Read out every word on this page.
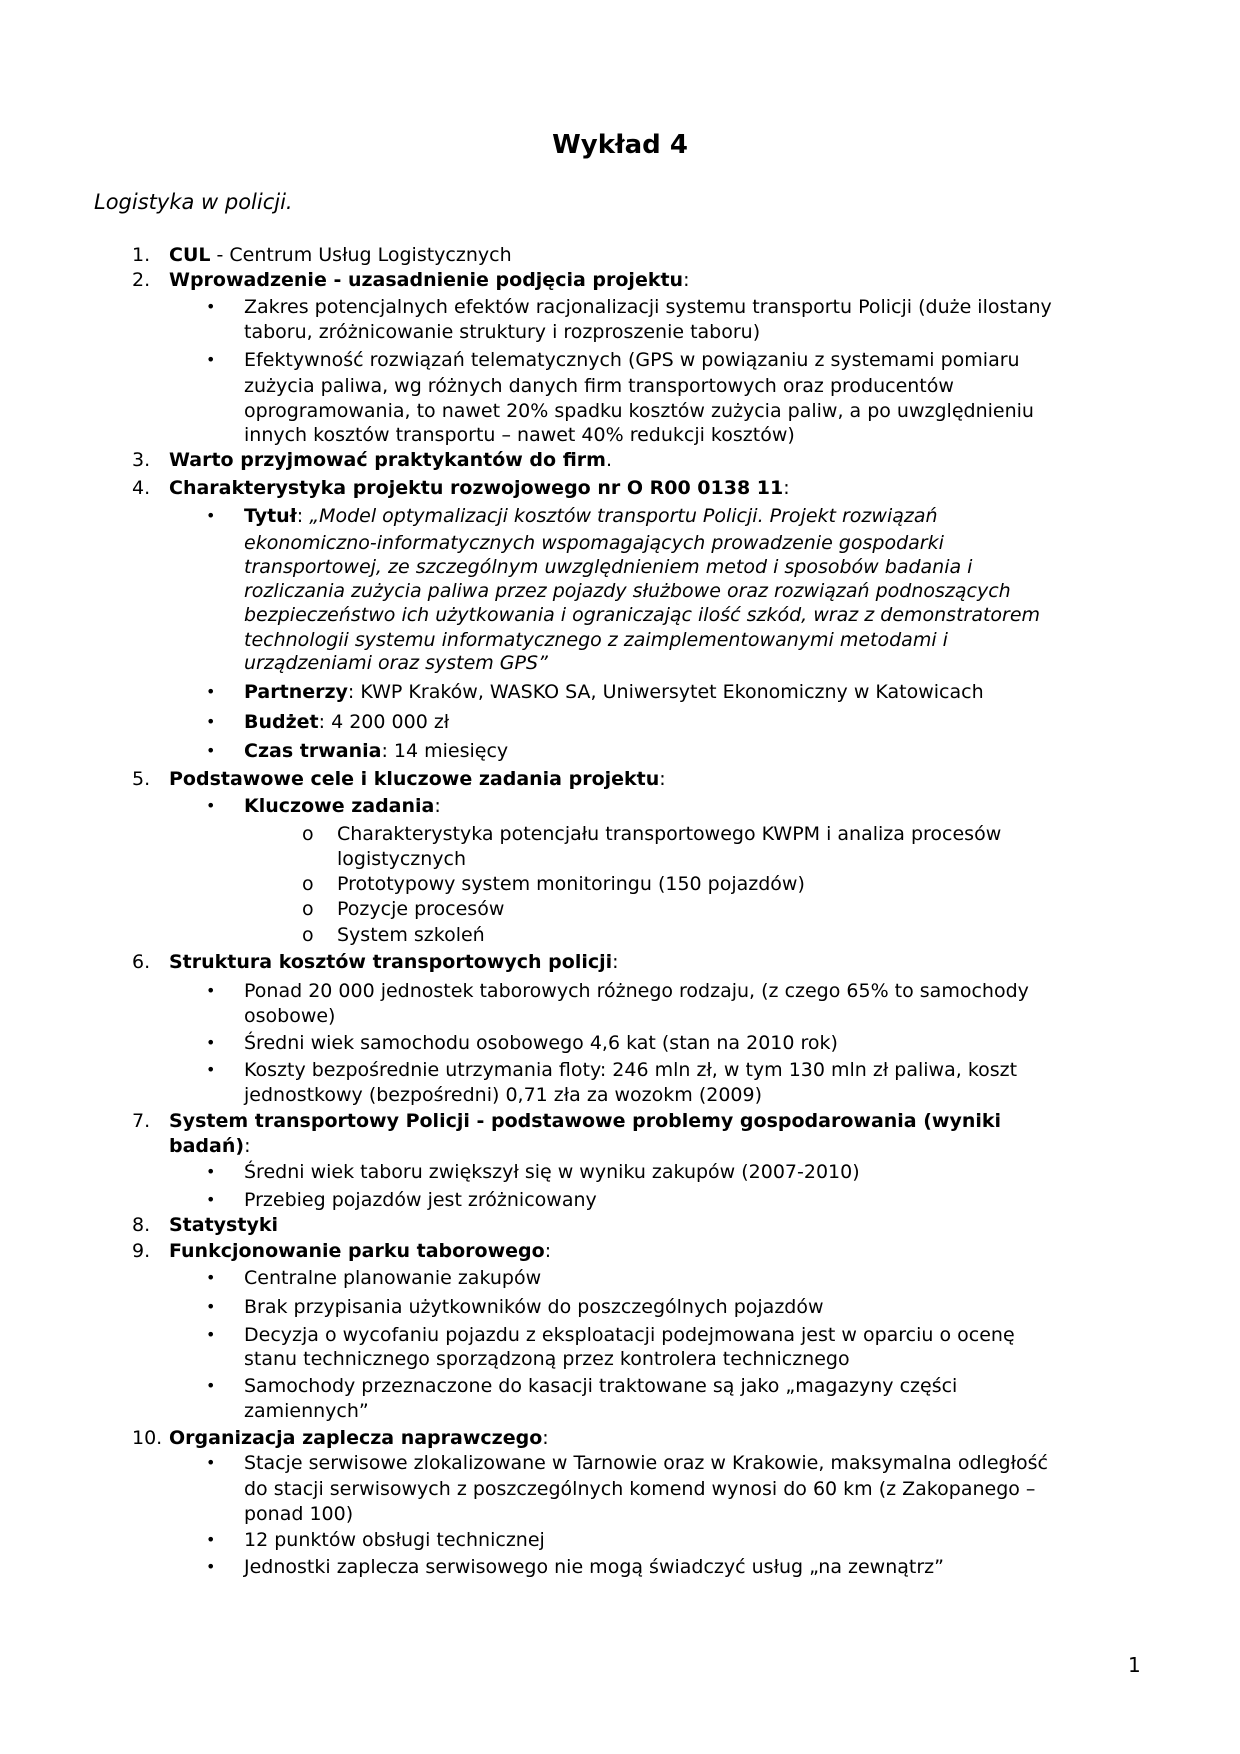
Wykład 4
Logistyka w policji.
1. CUL - Centrum Usług Logistycznych
2. Wprowadzenie - uzasadnienie podjęcia projektu:
• Zakres potencjalnych efektów racjonalizacji systemu transportu Policji (duże ilostany
taboru, zróżnicowanie struktury i rozproszenie taboru)
• Efektywność rozwiązań telematycznych (GPS w powiązaniu z systemami pomiaru
zużycia paliwa, wg różnych danych firm transportowych oraz producentów
oprogramowania, to nawet 20% spadku kosztów zużycia paliw, a po uwzględnieniu
innych kosztów transportu – nawet 40% redukcji kosztów)
3. Warto przyjmować praktykantów do firm.
4. Charakterystyka projektu rozwojowego nr O R00 0138 11:
• Tytuł: „Model optymalizacji kosztów transportu Policji. Projekt rozwiązań
ekonomiczno-informatycznych wspomagających prowadzenie gospodarki
transportowej, ze szczególnym uwzględnieniem metod i sposobów badania i
rozliczania zużycia paliwa przez pojazdy służbowe oraz rozwiązań podnoszących
bezpieczeństwo ich użytkowania i ograniczając ilość szkód, wraz z demonstratorem
technologii systemu informatycznego z zaimplementowanymi metodami i
urządzeniami oraz system GPS”
• Partnerzy: KWP Kraków, WASKO SA, Uniwersytet Ekonomiczny w Katowicach
• Budżet: 4 200 000 zł
• Czas trwania: 14 miesięcy
5. Podstawowe cele i kluczowe zadania projektu:
• Kluczowe zadania:
o Charakterystyka potencjału transportowego KWPM i analiza procesów
logistycznych
o Prototypowy system monitoringu (150 pojazdów)
o Pozycje procesów
o System szkoleń
6. Struktura kosztów transportowych policji:
• Ponad 20 000 jednostek taborowych różnego rodzaju, (z czego 65% to samochody
osobowe)
• Średni wiek samochodu osobowego 4,6 kat (stan na 2010 rok)
• Koszty bezpośrednie utrzymania floty: 246 mln zł, w tym 130 mln zł paliwa, koszt
jednostkowy (bezpośredni) 0,71 zła za wozokm (2009)
7. System transportowy Policji - podstawowe problemy gospodarowania (wyniki
badań):
• Średni wiek taboru zwiększył się w wyniku zakupów (2007-2010)
• Przebieg pojazdów jest zróżnicowany
8. Statystyki
9. Funkcjonowanie parku taborowego:
• Centralne planowanie zakupów
• Brak przypisania użytkowników do poszczególnych pojazdów
• Decyzja o wycofaniu pojazdu z eksploatacji podejmowana jest w oparciu o ocenę
stanu technicznego sporządzoną przez kontrolera technicznego
• Samochody przeznaczone do kasacji traktowane są jako „magazyny części
zamiennych”
10. Organizacja zaplecza naprawczego:
• Stacje serwisowe zlokalizowane w Tarnowie oraz w Krakowie, maksymalna odległość
do stacji serwisowych z poszczególnych komend wynosi do 60 km (z Zakopanego –
ponad 100)
• 12 punktów obsługi technicznej
• Jednostki zaplecza serwisowego nie mogą świadczyć usług „na zewnątrz”
1
